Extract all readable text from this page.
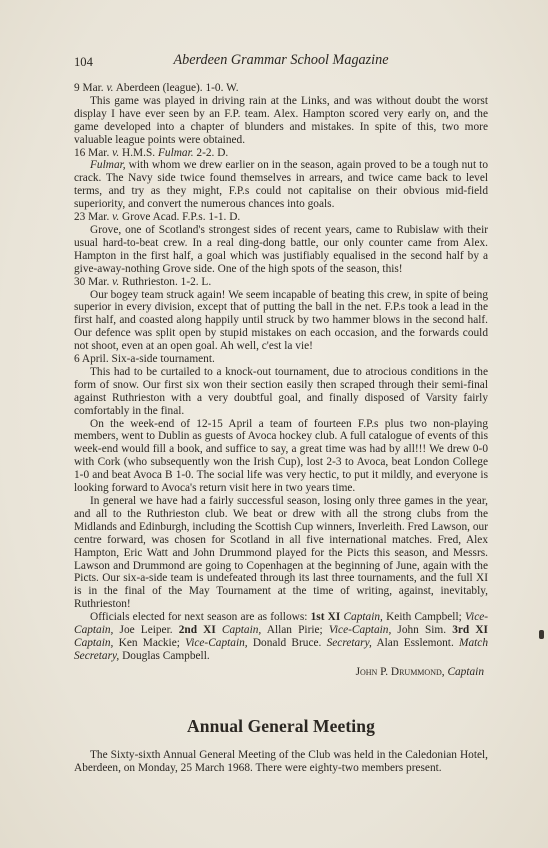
104	Aberdeen Grammar School Magazine
9 Mar. v. Aberdeen (league). 1-0. W.

This game was played in driving rain at the Links, and was without doubt the worst display I have ever seen by an F.P. team. Alex. Hampton scored very early on, and the game developed into a chapter of blunders and mistakes. In spite of this, two more valuable league points were obtained.

16 Mar. v. H.M.S. Fulmar. 2-2. D.

Fulmar, with whom we drew earlier on in the season, again proved to be a tough nut to crack. The Navy side twice found themselves in arrears, and twice came back to level terms, and try as they might, F.P.s could not capitalise on their obvious mid-field superiority, and convert the numerous chances into goals.

23 Mar. v. Grove Acad. F.P.s. 1-1. D.

Grove, one of Scotland's strongest sides of recent years, came to Rubislaw with their usual hard-to-beat crew. In a real ding-dong battle, our only counter came from Alex. Hampton in the first half, a goal which was justifiably equalised in the second half by a give-away-nothing Grove side. One of the high spots of the season, this!

30 Mar. v. Ruthrieston. 1-2. L.

Our bogey team struck again! We seem incapable of beating this crew, in spite of being superior in every division, except that of putting the ball in the net. F.P.s took a lead in the first half, and coasted along happily until struck by two hammer blows in the second half. Our defence was split open by stupid mistakes on each occasion, and the forwards could not shoot, even at an open goal. Ah well, c'est la vie!

6 April. Six-a-side tournament.

This had to be curtailed to a knock-out tournament, due to atrocious conditions in the form of snow. Our first six won their section easily then scraped through their semi-final against Ruthrieston with a very doubtful goal, and finally disposed of Varsity fairly comfortably in the final.

On the week-end of 12-15 April a team of fourteen F.P.s plus two non-playing members, went to Dublin as guests of Avoca hockey club. A full catalogue of events of this week-end would fill a book, and suffice to say, a great time was had by all!!! We drew 0-0 with Cork (who subsequently won the Irish Cup), lost 2-3 to Avoca, beat London College 1-0 and beat Avoca B 1-0. The social life was very hectic, to put it mildly, and everyone is looking forward to Avoca's return visit here in two years time.

In general we have had a fairly successful season, losing only three games in the year, and all to the Ruthrieston club. We beat or drew with all the strong clubs from the Midlands and Edinburgh, including the Scottish Cup winners, Inverleith. Fred Lawson, our centre forward, was chosen for Scotland in all five international matches. Fred, Alex Hampton, Eric Watt and John Drummond played for the Picts this season, and Messrs. Lawson and Drummond are going to Copenhagen at the beginning of June, again with the Picts. Our six-a-side team is undefeated through its last three tournaments, and the full XI is in the final of the May Tournament at the time of writing, against, inevitably, Ruthrieston!

Officials elected for next season are as follows: 1st XI Captain, Keith Campbell; Vice-Captain, Joe Leiper. 2nd XI Captain, Allan Pirie; Vice-Captain, John Sim. 3rd XI Captain, Ken Mackie; Vice-Captain, Donald Bruce. Secretary, Alan Esslemont. Match Secretary, Douglas Campbell.

John P. Drummond, Captain
Annual General Meeting

The Sixty-sixth Annual General Meeting of the Club was held in the Caledonian Hotel, Aberdeen, on Monday, 25 March 1968. There were eighty-two members present.
